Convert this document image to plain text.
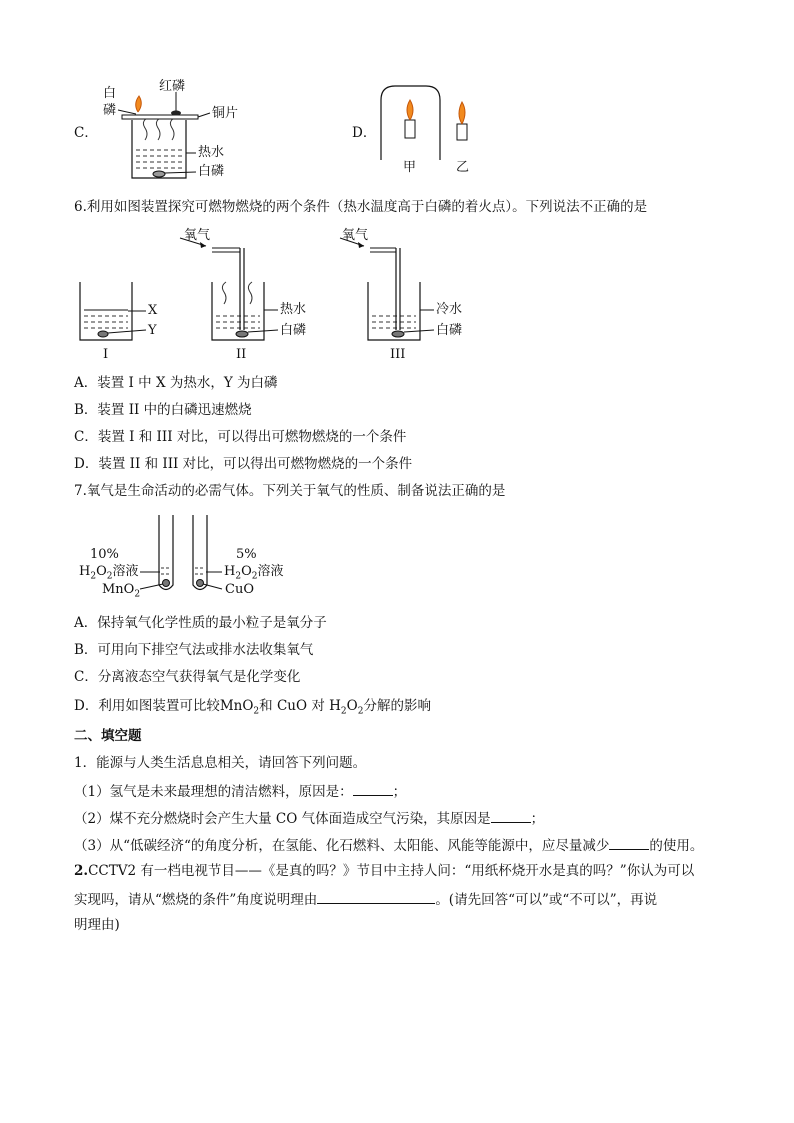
C．
白
磷
红磷
铜片
热水
白磷
D．
甲	乙
6.利用如图装置探究可燃物燃烧的两个条件（热水温度高于白磷的着火点）。下列说法不正确的是
氧气	氧气
X
Y
热水
白磷
冷水
白磷
I	II	III
A．装置 I 中 X 为热水，Y 为白磷
B．装置 II 中的白磷迅速燃烧
C．装置 I 和 III 对比，可以得出可燃物燃烧的一个条件
D．装置 II 和 III 对比，可以得出可燃物燃烧的一个条件
7.氧气是生命活动的必需气体。下列关于氧气的性质、制备说法正确的是
10%
$H_2O_2$溶液
MnO$_2$
5%
$H_2O_2$溶液
CuO
A．保持氧气化学性质的最小粒子是氧分子
B．可用向下排空气法或排水法收集氧气
C．分离液态空气获得氧气是化学变化
D．利用如图装置可比较MnO$_2$和 CuO 对 $H_2O_2$分解的影响
二、填空题
1．能源与人类生活息息相关，请回答下列问题。
（1）氢气是未来最理想的清洁燃料，原因是：	；
（2）煤不充分燃烧时会产生大量 CO 气体面造成空气污染，其原因是	；
（3）从“低碳经济“的角度分析，在氢能、化石燃料、太阳能、风能等能源中，应尽量减少	的使用。
2.CCTV2 有一档电视节目——《是真的吗？》节目中主持人问：“用纸杯烧开水是真的吗？”你认为可以
实现吗，请从“燃烧的条件”角度说明理由	。(请先回答“可以”或“不可以”，再说
明理由)
